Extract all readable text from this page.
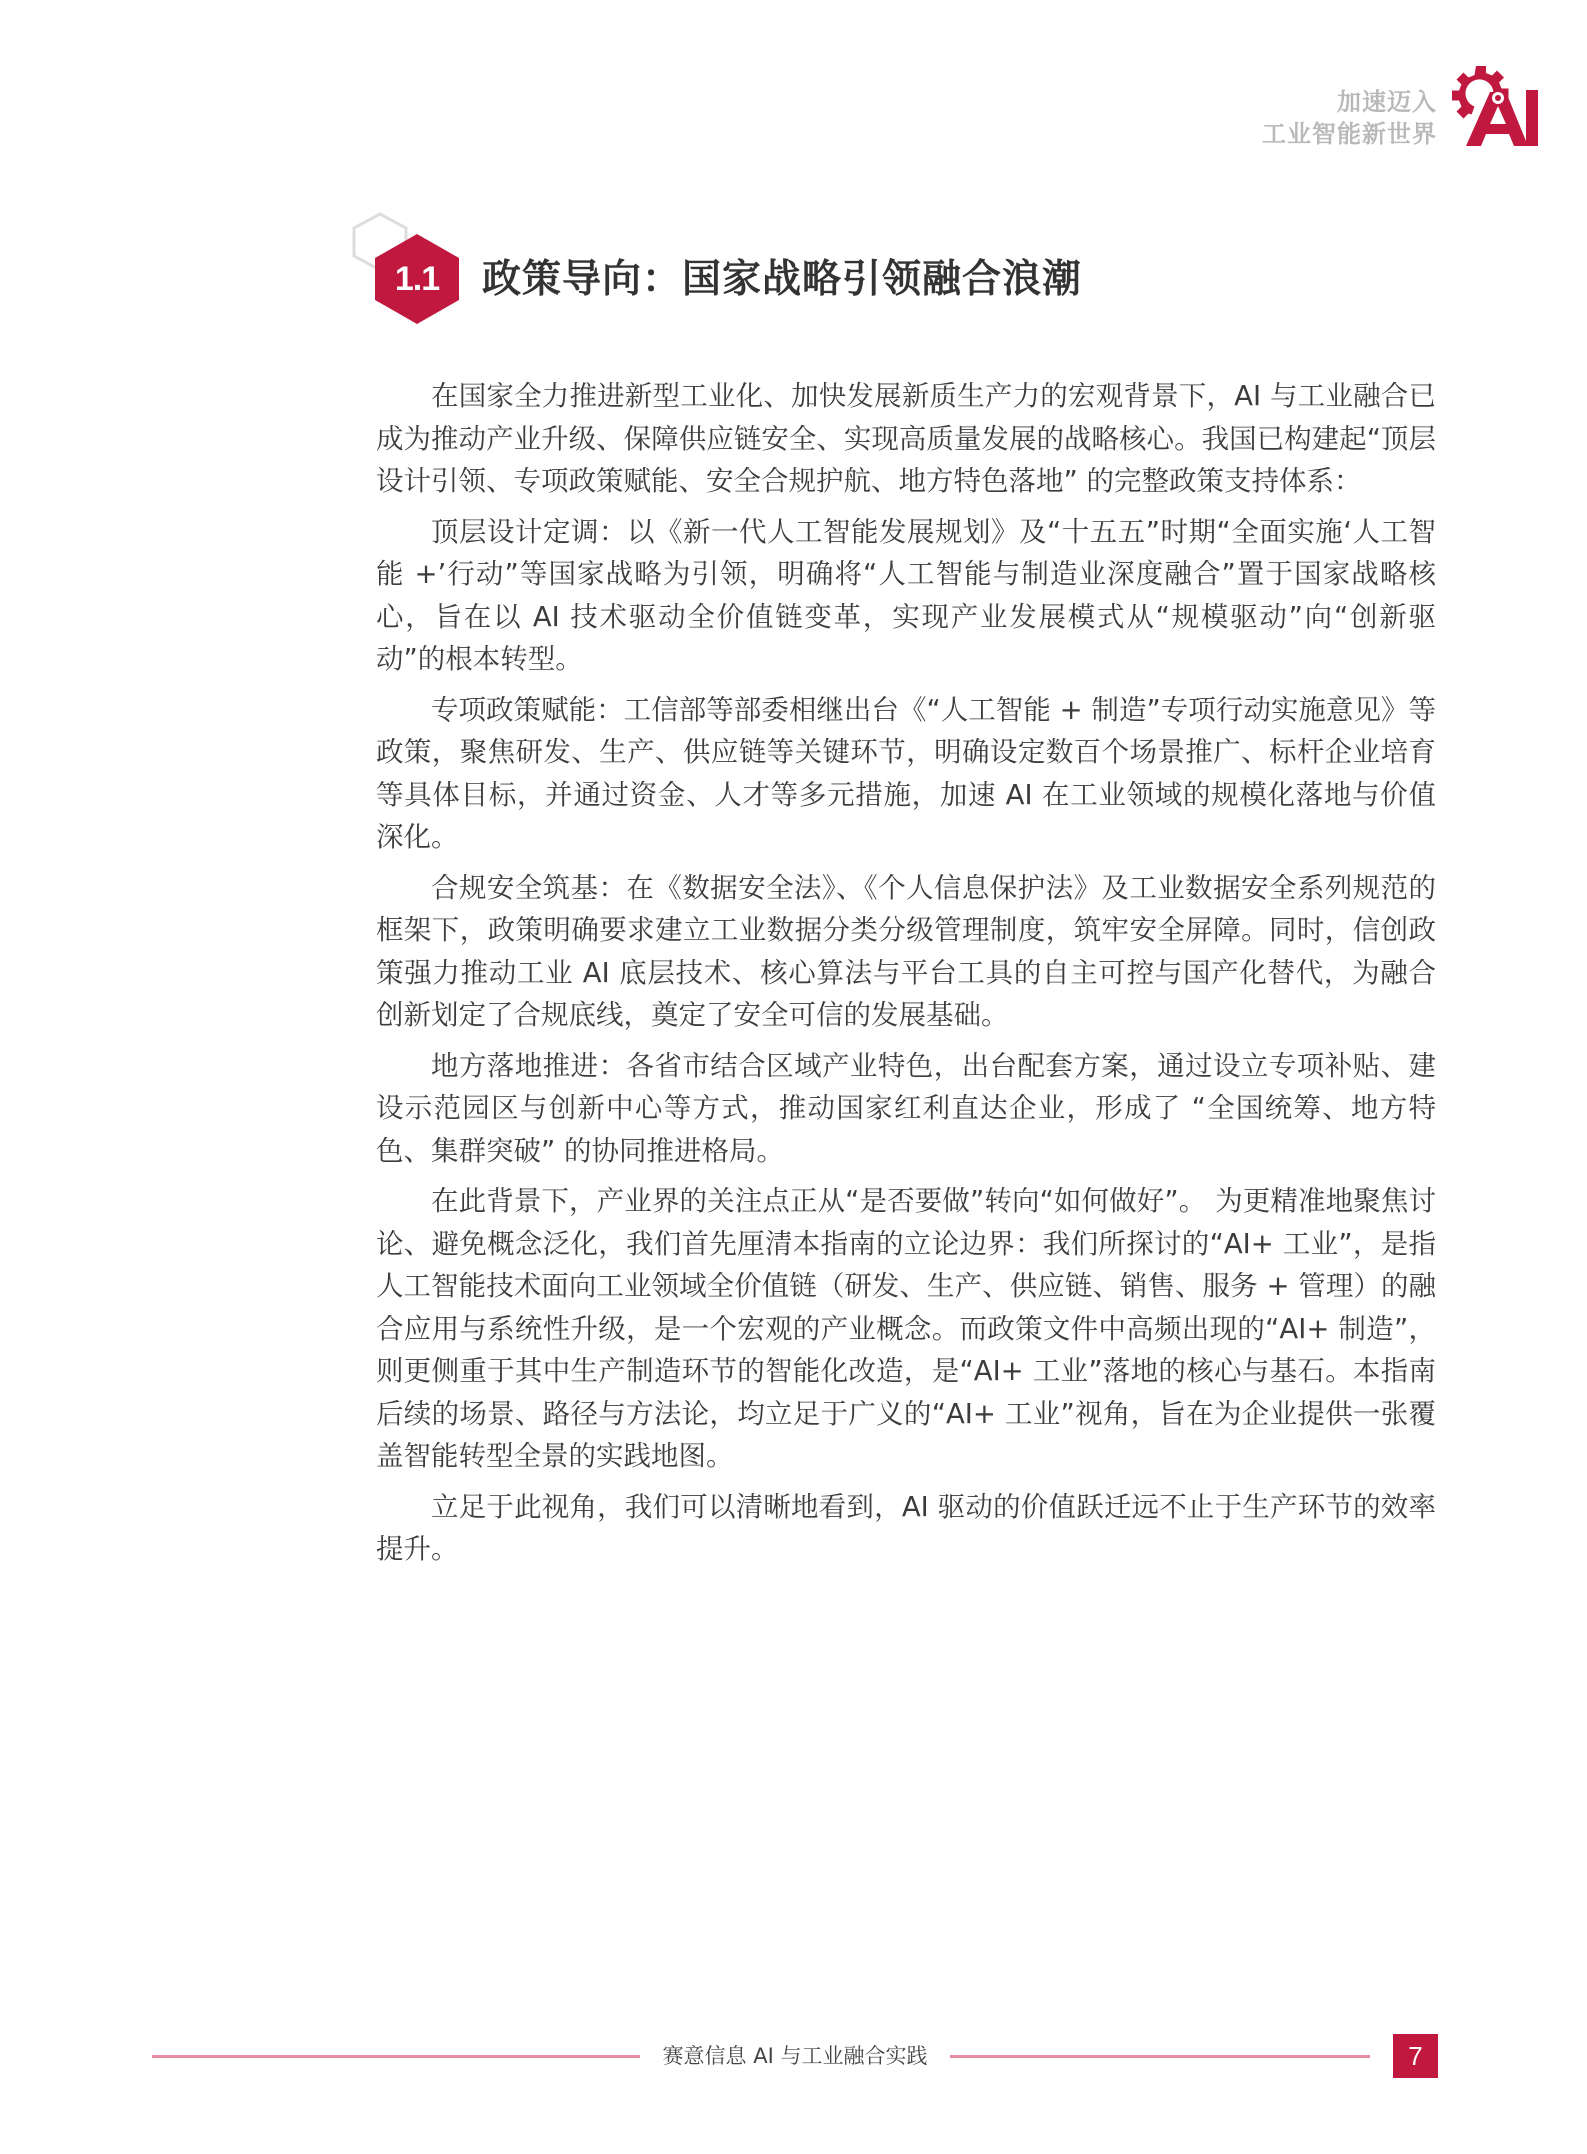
加速迈入
工业智能新世界
1.1	政策导向：国家战略引领融合浪潮

在国家全力推进新型工业化、加快发展新质生产力的宏观背景下，AI 与工业融合已成为推动产业升级、保障供应链安全、实现高质量发展的战略核心。我国已构建起“顶层设计引领、专项政策赋能、安全合规护航、地方特色落地” 的完整政策支持体系：

顶层设计定调：以《新一代人工智能发展规划》及“十五五”时期“全面实施‘人工智能 +’行动”等国家战略为引领，明确将“人工智能与制造业深度融合”置于国家战略核心，旨在以 AI 技术驱动全价值链变革，实现产业发展模式从“规模驱动”向“创新驱动”的根本转型。

专项政策赋能：工信部等部委相继出台《“人工智能 + 制造”专项行动实施意见》等政策，聚焦研发、生产、供应链等关键环节，明确设定数百个场景推广、标杆企业培育等具体目标，并通过资金、人才等多元措施，加速 AI 在工业领域的规模化落地与价值深化。

合规安全筑基：在《数据安全法》、《个人信息保护法》及工业数据安全系列规范的框架下，政策明确要求建立工业数据分类分级管理制度，筑牢安全屏障。同时，信创政策强力推动工业 AI 底层技术、核心算法与平台工具的自主可控与国产化替代，为融合创新划定了合规底线，奠定了安全可信的发展基础。

地方落地推进：各省市结合区域产业特色，出台配套方案，通过设立专项补贴、建设示范园区与创新中心等方式，推动国家红利直达企业，形成了 “全国统筹、地方特色、集群突破” 的协同推进格局。

在此背景下，产业界的关注点正从“是否要做”转向“如何做好”。 为更精准地聚焦讨论、避免概念泛化，我们首先厘清本指南的立论边界：我们所探讨的“AI+ 工业”，是指人工智能技术面向工业领域全价值链（研发、生产、供应链、销售、服务 + 管理）的融合应用与系统性升级，是一个宏观的产业概念。而政策文件中高频出现的“AI+ 制造”，则更侧重于其中生产制造环节的智能化改造，是“AI+ 工业”落地的核心与基石。本指南后续的场景、路径与方法论，均立足于广义的“AI+ 工业”视角，旨在为企业提供一张覆盖智能转型全景的实践地图。

立足于此视角，我们可以清晰地看到，AI 驱动的价值跃迁远不止于生产环节的效率提升。

赛意信息 AI 与工业融合实践	7
